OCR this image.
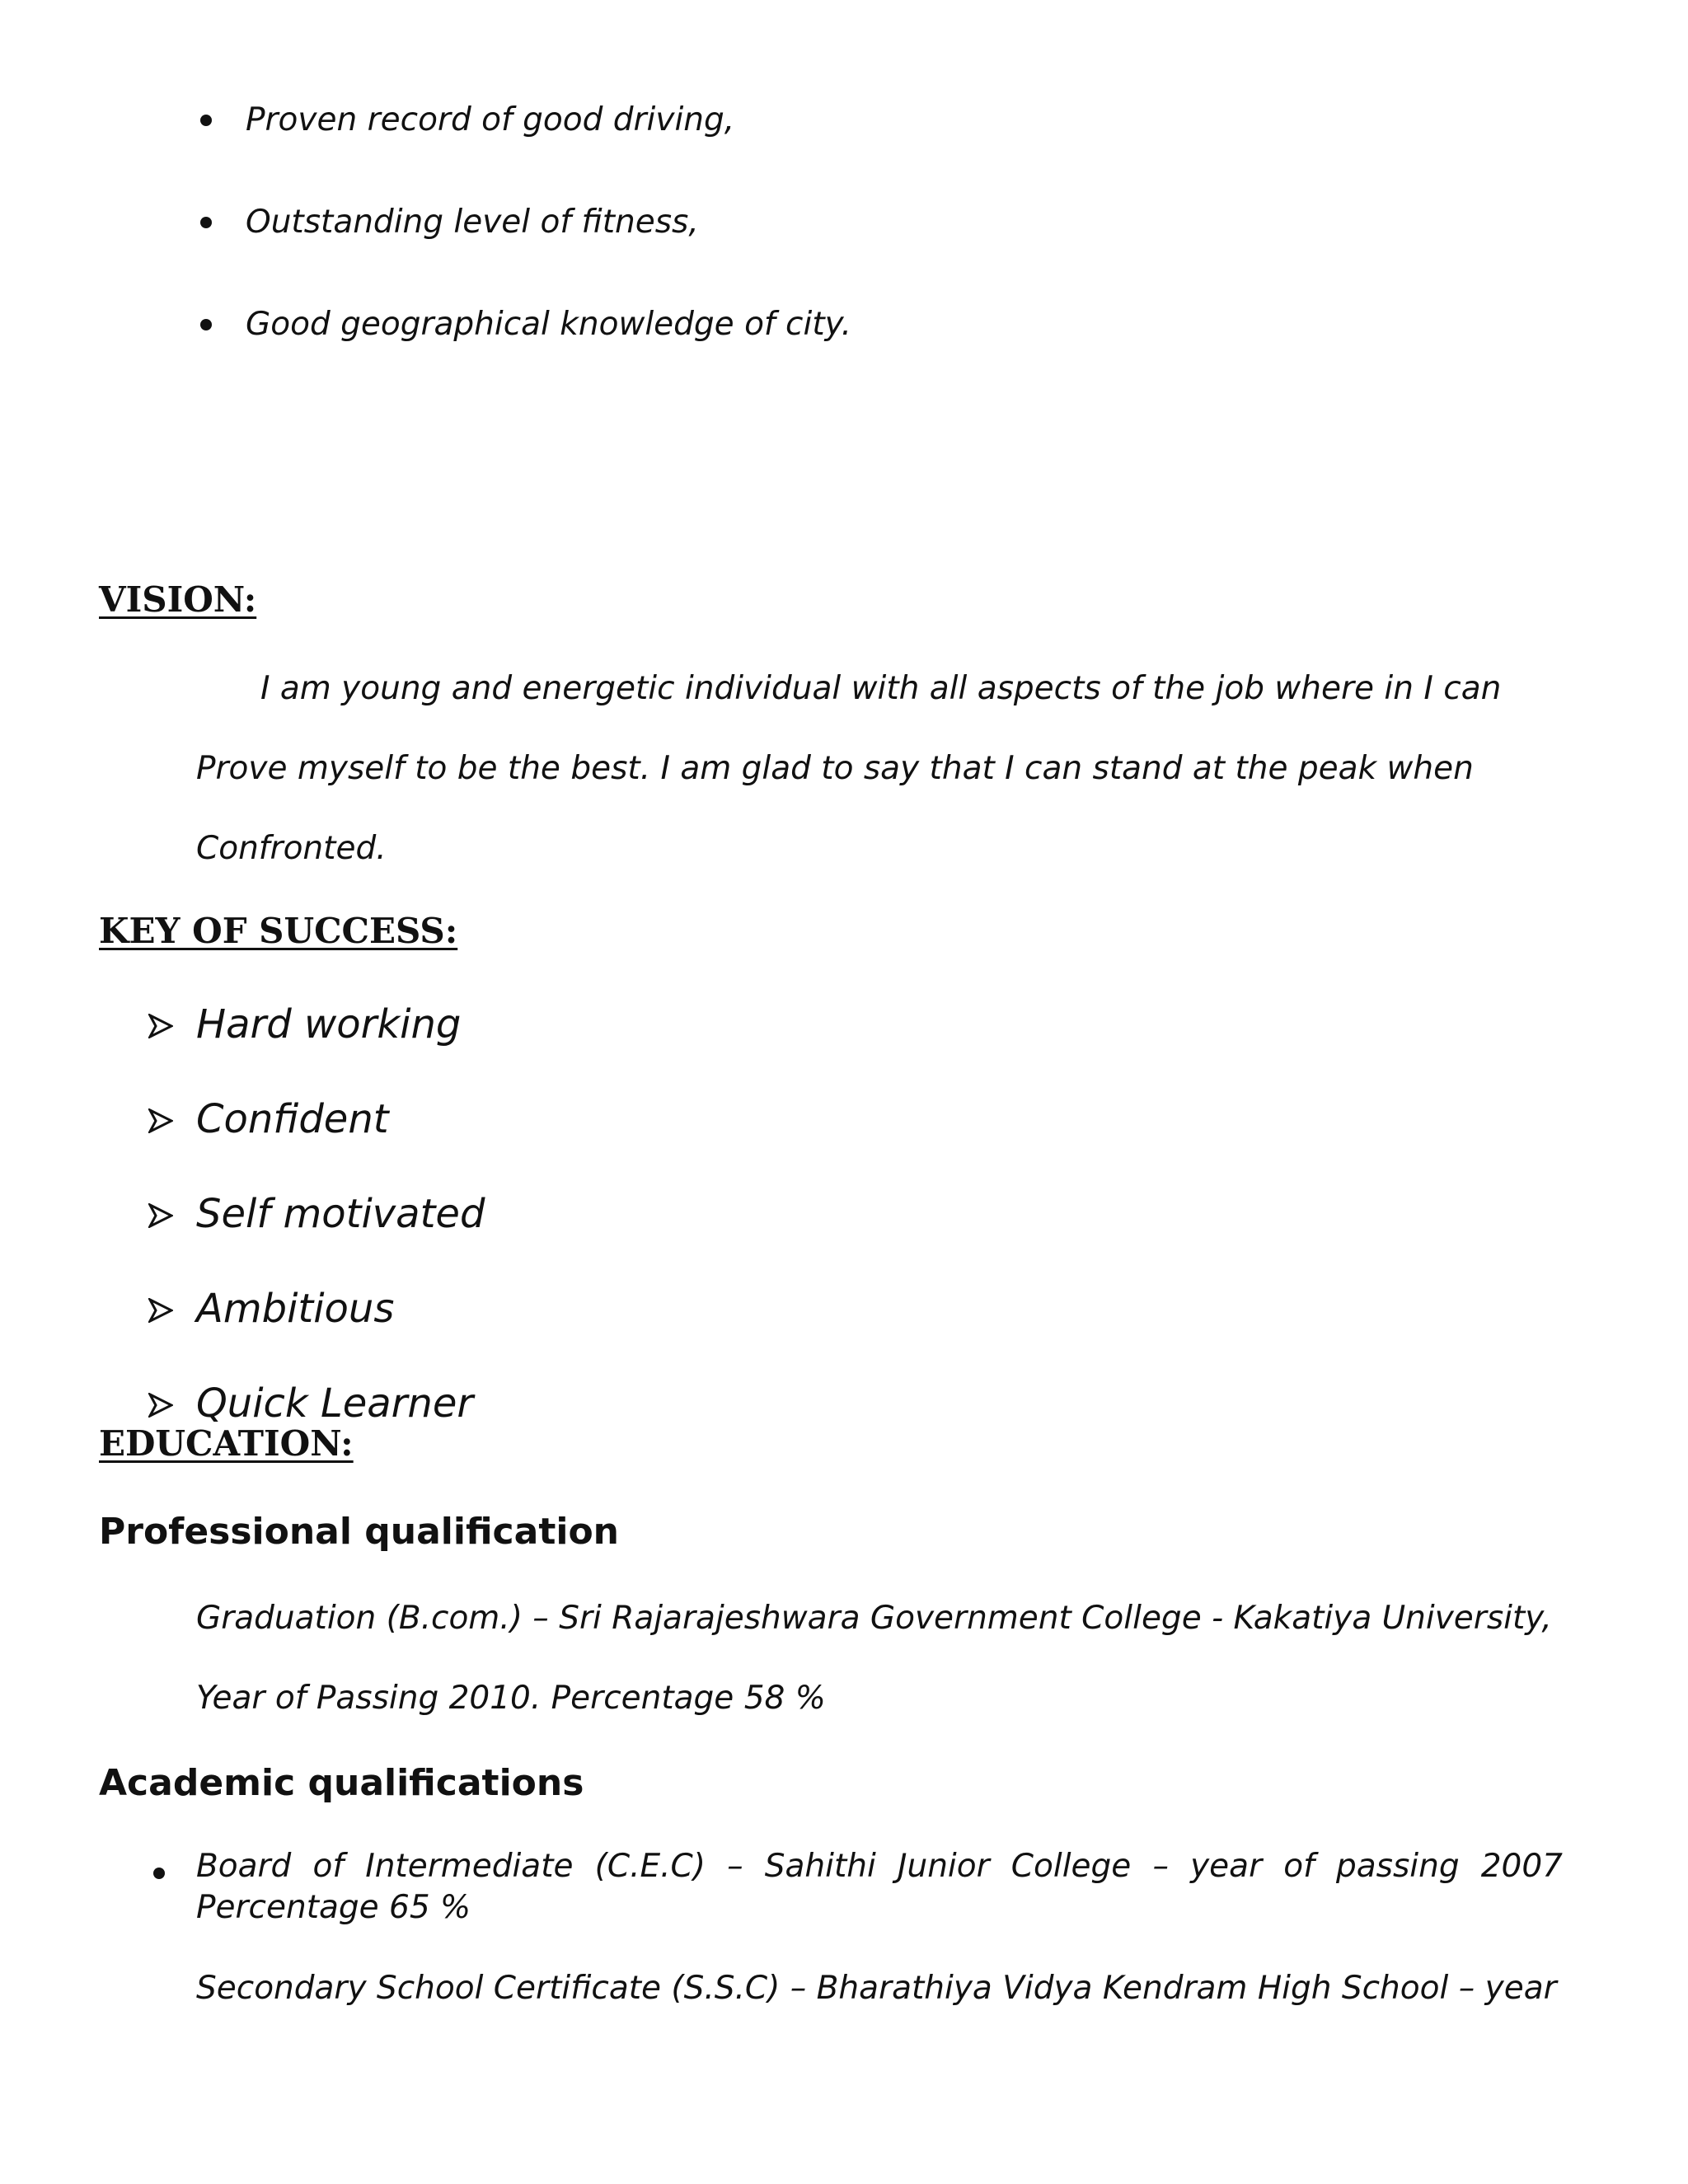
Proven record of good driving,
Outstanding level of fitness,
Good geographical knowledge of city.
VISION:
I am young and energetic individual with all aspects of the job where in I can
Prove myself to be the best. I am glad to say that I can stand at the peak when
Confronted.
KEY OF SUCCESS:
Hard working
Confident
Self motivated
Ambitious
Quick Learner
EDUCATION:
Professional qualification
Graduation (B.com.) – Sri Rajarajeshwara Government College - Kakatiya University,
Year of Passing 2010. Percentage 58 %
Academic qualifications
Board of Intermediate (C.E.C) – Sahithi Junior College – year of passing 2007
Percentage 65 %
Secondary School Certificate (S.S.C) – Bharathiya Vidya Kendram High School – year
